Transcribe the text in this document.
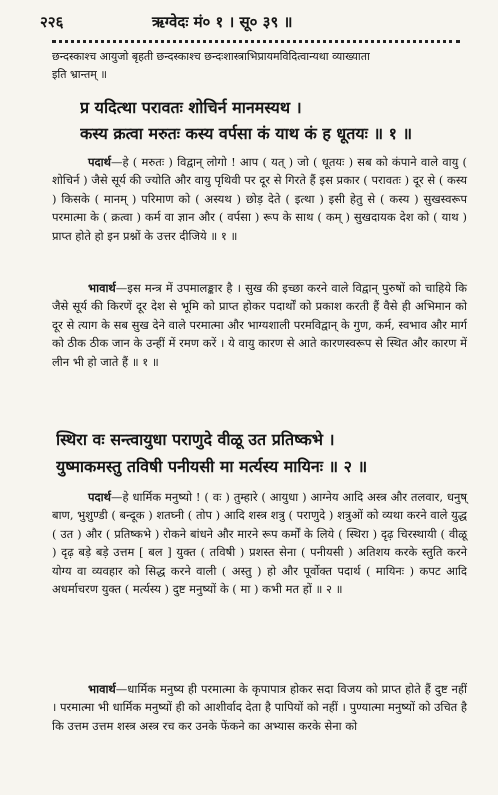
२२६	ऋग्वेदः मं० १ । सू० ३९ ॥
छन्दस्काश्च आयुजो बृहती छन्दस्काश्च छन्दःशास्त्राभिप्रायमविदित्वान्यथा व्याख्याता
इति भ्रान्तम् ॥
प्र यदित्था परावतः शोचिर्न मानमस्यथ ।
कस्य क्रत्वा मरुतः कस्य वर्पसा कं याथ कं ह धूतयः ॥ १ ॥
पदार्थ—हे ( मरुतः ) विद्वान् लोगो ! आप ( यत् ) जो ( धूतयः ) सब को कंपाने वाले वायु ( शोचिर्न ) जैसे सूर्य की ज्योति और वायु पृथिवी पर दूर से गिरते हैं इस प्रकार ( परावतः ) दूर से ( कस्य ) किसके ( मानम् ) परिमाण को ( अस्यथ ) छोड़ देते ( इत्था ) इसी हेतु से ( कस्य ) सुखस्वरूप परमात्मा के ( क्रत्वा ) कर्म वा ज्ञान और ( वर्पसा ) रूप के साथ ( कम् ) सुखदायक देश को ( याथ ) प्राप्त होते हो इन प्रश्नों के उत्तर दीजिये ॥ १ ॥
भावार्थ—इस मन्त्र में उपमालङ्कार है । सुख की इच्छा करने वाले विद्वान् पुरुषों को चाहिये कि जैसे सूर्य की किरणें दूर देश से भूमि को प्राप्त होकर पदार्थों को प्रकाश करती हैं वैसे ही अभिमान को दूर से त्याग के सब सुख देने वाले परमात्मा और भाग्यशाली परमविद्वान् के गुण, कर्म, स्वभाव और मार्ग को ठीक ठीक जान के उन्हीं में रमण करें । ये वायु कारण से आते कारणस्वरूप से स्थित और कारण में लीन भी हो जाते हैं ॥ १ ॥
स्थिरा वः सन्त्वायुधा पराणुदे वीळू उत प्रतिष्कभे ।
युष्माकमस्तु तविषी पनीयसी मा मर्त्यस्य मायिनः ॥ २ ॥
पदार्थ—हे धार्मिक मनुष्यो ! ( वः ) तुम्हारे ( आयुधा ) आग्नेय आदि अस्त्र और तलवार, धनुष् बाण, भुशुण्डी ( बन्दूक ) शतघ्नी ( तोप ) आदि शस्त्र शत्रु ( पराणुदे ) शत्रुओं को व्यथा करने वाले युद्ध ( उत ) और ( प्रतिष्कभे ) रोकने बांधने और मारने रूप कर्मों के लिये ( स्थिरा ) दृढ़ चिरस्थायी ( वीळू ) दृढ़ बड़े बड़े उत्तम [ बल ] युक्त ( तविषी ) प्रशस्त सेना ( पनीयसी ) अतिशय करके स्तुति करने योग्य वा व्यवहार को सिद्ध करने वाली ( अस्तु ) हो और पूर्वोक्त पदार्थ ( मायिनः ) कपट आदि अधर्माचरण युक्त ( मर्त्यस्य ) दुष्ट मनुष्यों के ( मा ) कभी मत हों ॥ २ ॥
भावार्थ—धार्मिक मनुष्य ही परमात्मा के कृपापात्र होकर सदा विजय को प्राप्त होते हैं दुष्ट नहीं । परमात्मा भी धार्मिक मनुष्यों ही को आशीर्वाद देता है पापियों को नहीं । पुण्यात्मा मनुष्यों को उचित है कि उत्तम उत्तम शस्त्र अस्त्र रच कर उनके फेंकने का अभ्यास करके सेना को
